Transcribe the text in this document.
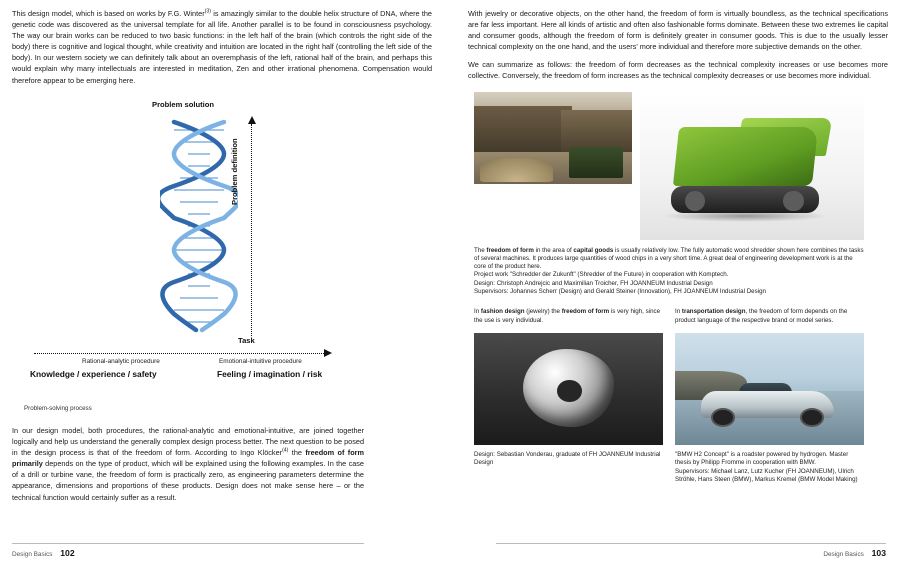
This design model, which is based on works by F.G. Winter$^{(3)}$ is amazingly similar to the double helix structure of DNA, where the genetic code was discovered as the universal template for all life. Another parallel is to be found in consciousness psychology. The way our brain works can be reduced to two basic functions: in the left half of the brain (which controls the right side of the body) there is cognitive and logical thought, while creativity and intuition are located in the right half (controlling the left side of the body). In our western society we can definitely talk about an overemphasis of the left, rational half of the brain, and perhaps this would explain why many intellectuals are interested in meditation, Zen and other irrational phenomena. Compensation would therefore appear to be emerging here.

Problem solution
Problem definition
Task
Rational-analytic procedure
Knowledge / experience / safety
Emotional-intuitive procedure
Feeling / imagination / risk
Problem-solving process

In our design model, both procedures, the rational-analytic and emotional-intuitive, are joined together logically and help us understand the generally complex design process better. The next question to be posed in the design process is that of the freedom of form. According to Ingo Klöcker$^{(4)}$ the freedom of form primarily depends on the type of product, which will be explained using the following examples. In the case of a drill or turbine vane, the freedom of form is practically zero, as engineering parameters determine the appearance, dimensions and proportions of these products. Design does not make sense here – or the technical function would certainly suffer as a result.

Design Basics 102

With jewelry or decorative objects, on the other hand, the freedom of form is virtually boundless, as the technical specifications are far less important. Here all kinds of artistic and often also fashionable forms dominate. Between these two extremes lie capital and consumer goods, although the freedom of form is definitely greater in consumer goods. This is due to the usually lesser technical complexity on the one hand, and the users' more individual and therefore more subjective demands on the other.

We can summarize as follows: the freedom of form decreases as the technical complexity increases or use becomes more collective. Conversely, the freedom of form increases as the technical complexity decreases or use becomes more individual.

The freedom of form in the area of capital goods is usually relatively low. The fully automatic wood shredder shown here combines the tasks of several machines. It produces large quantities of wood chips in a very short time. A great deal of engineering development work is at the core of the product here.
Project work "Schredder der Zukunft" (Shredder of the Future) in cooperation with Komptech.
Design: Christoph Andrejcic and Maximilian Troicher, FH JOANNEUM Industrial Design
Supervisors: Johannes Scherr (Design) and Gerald Steiner (Innovation), FH JOANNEUM Industrial Design

In fashion design (jewelry) the freedom of form is very high, since the use is very individual.

In transportation design, the freedom of form depends on the product language of the respective brand or model series.

Design: Sebastian Vonderau, graduate of FH JOANNEUM Industrial Design

"BMW H2 Concept" is a roadster powered by hydrogen. Master thesis by Philipp Fromme in cooperation with BMW.
Supervisors: Michael Lanz, Lutz Kucher (FH JOANNEUM), Ulrich Ströhle, Hans Steen (BMW), Markus Kremel (BMW Model Making)

Design Basics 103
